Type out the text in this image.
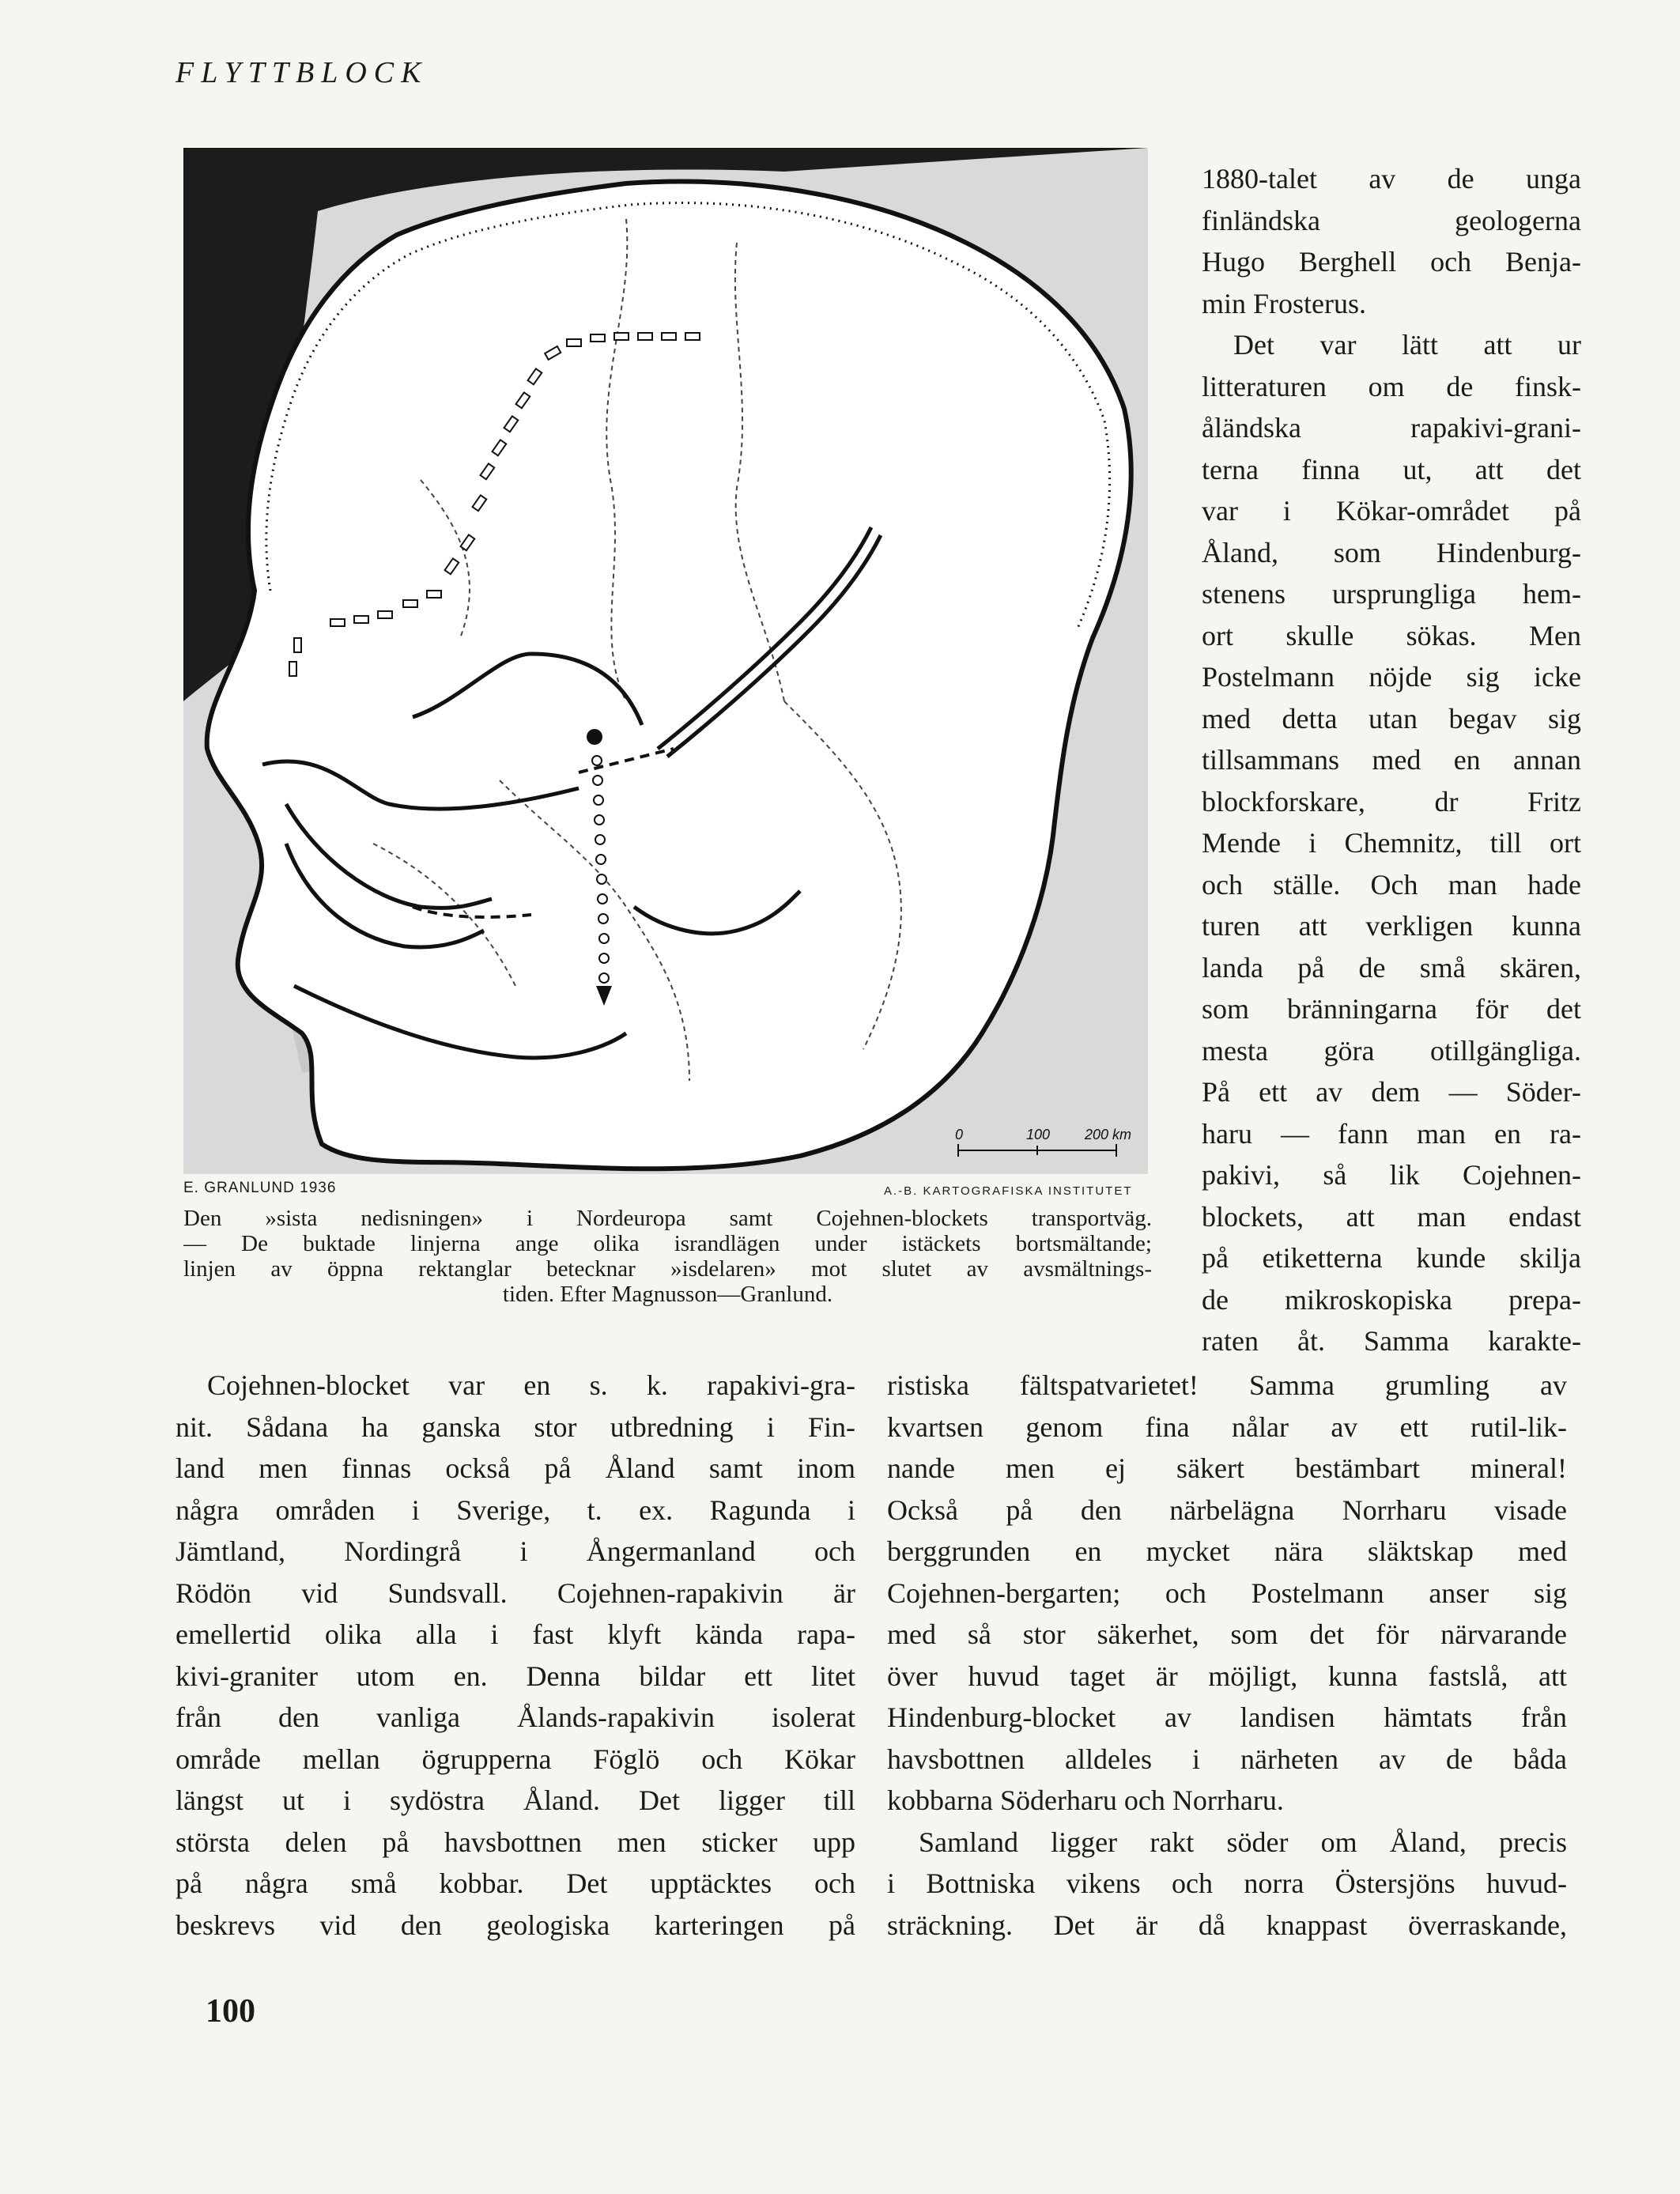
FLYTTBLOCK
0	100 200 km
E. GRANLUND 1936	A.-B. KARTOGRAFISKA INSTITUTET
Den »sista nedisningen» i Nordeuropa samt Cojehnen-blockets transportväg.
— De buktade linjerna ange olika israndlägen under istäckets bortsmältande;
linjen av öppna rektanglar betecknar »isdelaren» mot slutet av avsmältnings-
tiden. Efter Magnusson—Granlund.
1880-talet av de unga
finländska geologerna
Hugo Berghell och Benja-
min Frosterus.
Det var lätt att ur
litteraturen om de finsk-
åländska rapakivi-grani-
terna finna ut, att det
var i Kökar-området på
Åland, som Hindenburg-
stenens ursprungliga hem-
ort skulle sökas. Men
Postelmann nöjde sig icke
med detta utan begav sig
tillsammans med en annan
blockforskare, dr Fritz
Mende i Chemnitz, till ort
och ställe. Och man hade
turen att verkligen kunna
landa på de små skären,
som bränningarna för det
mesta göra otillgängliga.
På ett av dem — Söder-
haru — fann man en ra-
pakivi, så lik Cojehnen-
blockets, att man endast
på etiketterna kunde skilja
de mikroskopiska prepa-
raten åt. Samma karakte-
Cojehnen-blocket var en s. k. rapakivi-gra-
nit. Sådana ha ganska stor utbredning i Fin-
land men finnas också på Åland samt inom
några områden i Sverige, t. ex. Ragunda i
Jämtland, Nordingrå i Ångermanland och
Rödön vid Sundsvall. Cojehnen-rapakivin är
emellertid olika alla i fast klyft kända rapa-
kivi-graniter utom en. Denna bildar ett litet
från den vanliga Ålands-rapakivin isolerat
område mellan ögrupperna Föglö och Kökar
längst ut i sydöstra Åland. Det ligger till
största delen på havsbottnen men sticker upp
på några små kobbar. Det upptäcktes och
beskrevs vid den geologiska karteringen på
ristiska fältspatvarietet! Samma grumling av
kvartsen genom fina nålar av ett rutil-lik-
nande men ej säkert bestämbart mineral!
Också på den närbelägna Norrharu visade
berggrunden en mycket nära släktskap med
Cojehnen-bergarten; och Postelmann anser sig
med så stor säkerhet, som det för närvarande
över huvud taget är möjligt, kunna fastslå, att
Hindenburg-blocket av landisen hämtats från
havsbottnen alldeles i närheten av de båda
kobbarna Söderharu och Norrharu.
Samland ligger rakt söder om Åland, precis
i Bottniska vikens och norra Östersjöns huvud-
sträckning. Det är då knappast överraskande,
100
